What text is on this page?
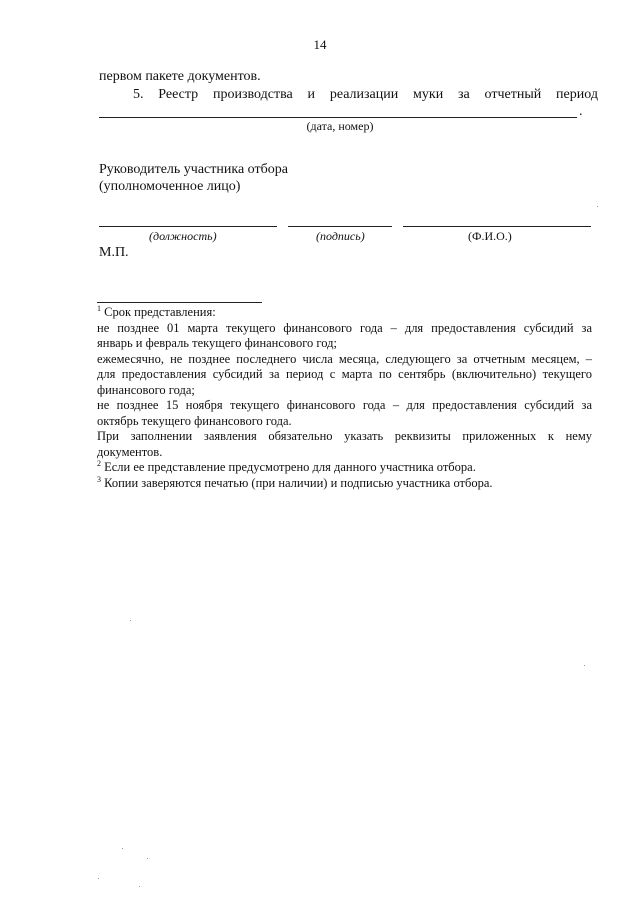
14
первом пакете документов.
5. Реестр производства и реализации муки за отчетный период
.
(дата, номер)
Руководитель участника отбора
(уполномоченное лицо)
(должность)	(подпись)	(Ф.И.О.)
М.П.
$^1$ Срок представления:
не позднее 01 марта текущего финансового года – для предоставления субсидий за
январь и февраль текущего финансового год;
ежемесячно, не позднее последнего числа месяца, следующего за отчетным месяцем, –
для предоставления субсидий за период с марта по сентябрь (включительно) текущего
финансового года;
не позднее 15 ноября текущего финансового года – для предоставления субсидий за
октябрь текущего финансового года.
При заполнении заявления обязательно указать реквизиты приложенных к нему
документов.
$^2$ Если ее представление предусмотрено для данного участника отбора.
$^3$ Копии заверяются печатью (при наличии) и подписью участника отбора.
